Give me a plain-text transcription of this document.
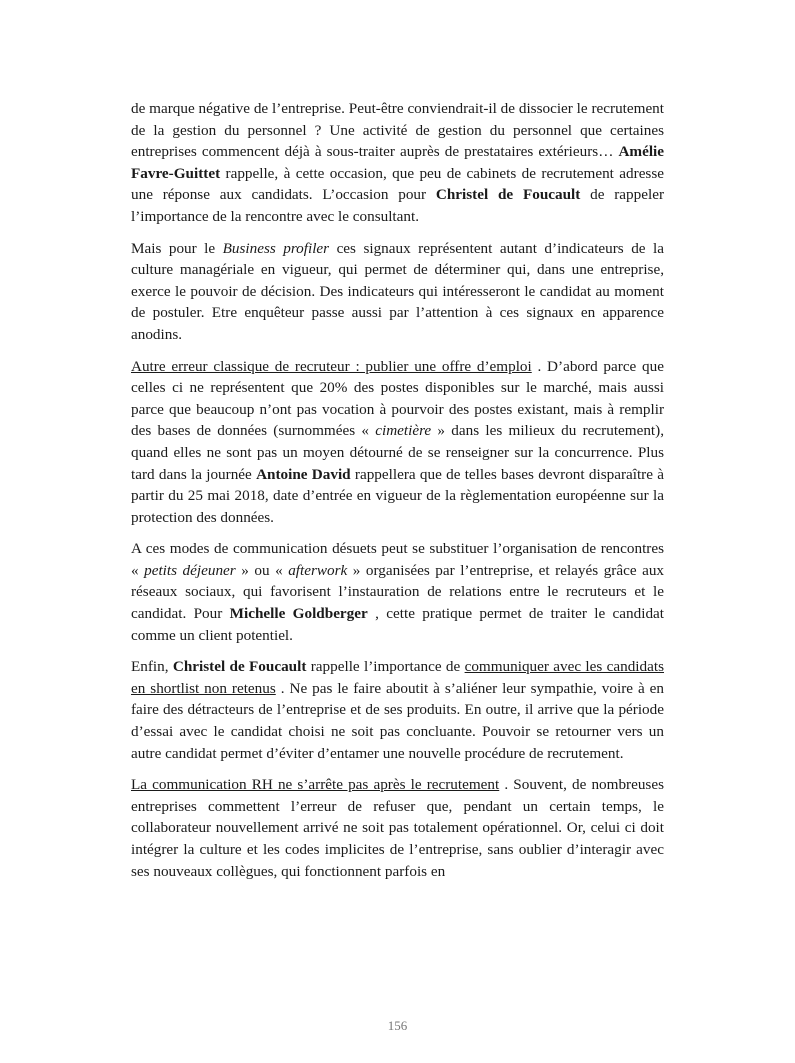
de marque négative de l’entreprise. Peut-être conviendrait-il de dissocier le recrutement de la gestion du personnel ? Une activité de gestion du personnel que certaines entreprises commencent déjà à sous-traiter auprès de prestataires extérieurs… Amélie Favre-Guittet rappelle, à cette occasion, que peu de cabinets de recrutement adresse une réponse aux candidats. L’occasion pour Christel de Foucault de rappeler l’importance de la rencontre avec le consultant.

Mais pour le Business profiler ces signaux représentent autant d’indicateurs de la culture managériale en vigueur, qui permet de déterminer qui, dans une entreprise, exerce le pouvoir de décision. Des indicateurs qui intéresseront le candidat au moment de postuler. Etre enquêteur passe aussi par l’attention à ces signaux en apparence anodins.

Autre erreur classique de recruteur : publier une offre d’emploi . D’abord parce que celles ci ne représentent que 20% des postes disponibles sur le marché, mais aussi parce que beaucoup n’ont pas vocation à pourvoir des postes existant, mais à remplir des bases de données (surnommées « cimetière » dans les milieux du recrutement), quand elles ne sont pas un moyen détourné de se renseigner sur la concurrence. Plus tard dans la journée Antoine David rappellera que de telles bases devront disparaître à partir du 25 mai 2018, date d’entrée en vigueur de la règlementation européenne sur la protection des données.

A ces modes de communication désuets peut se substituer l’organisation de rencontres « petits déjeuner » ou « afterwork » organisées par l’entreprise, et relayés grâce aux réseaux sociaux, qui favorisent l’instauration de relations entre le recruteurs et le candidat. Pour Michelle Goldberger , cette pratique permet de traiter le candidat comme un client potentiel.

Enfin, Christel de Foucault rappelle l’importance de communiquer avec les candidats en shortlist non retenus . Ne pas le faire aboutit à s’aliéner leur sympathie, voire à en faire des détracteurs de l’entreprise et de ses produits. En outre, il arrive que la période d’essai avec le candidat choisi ne soit pas concluante. Pouvoir se retourner vers un autre candidat permet d’éviter d’entamer une nouvelle procédure de recrutement.

La communication RH ne s’arrête pas après le recrutement . Souvent, de nombreuses entreprises commettent l’erreur de refuser que, pendant un certain temps, le collaborateur nouvellement arrivé ne soit pas totalement opérationnel. Or, celui ci doit intégrer la culture et les codes implicites de l’entreprise, sans oublier d’interagir avec ses nouveaux collègues, qui fonctionnent parfois en

156
